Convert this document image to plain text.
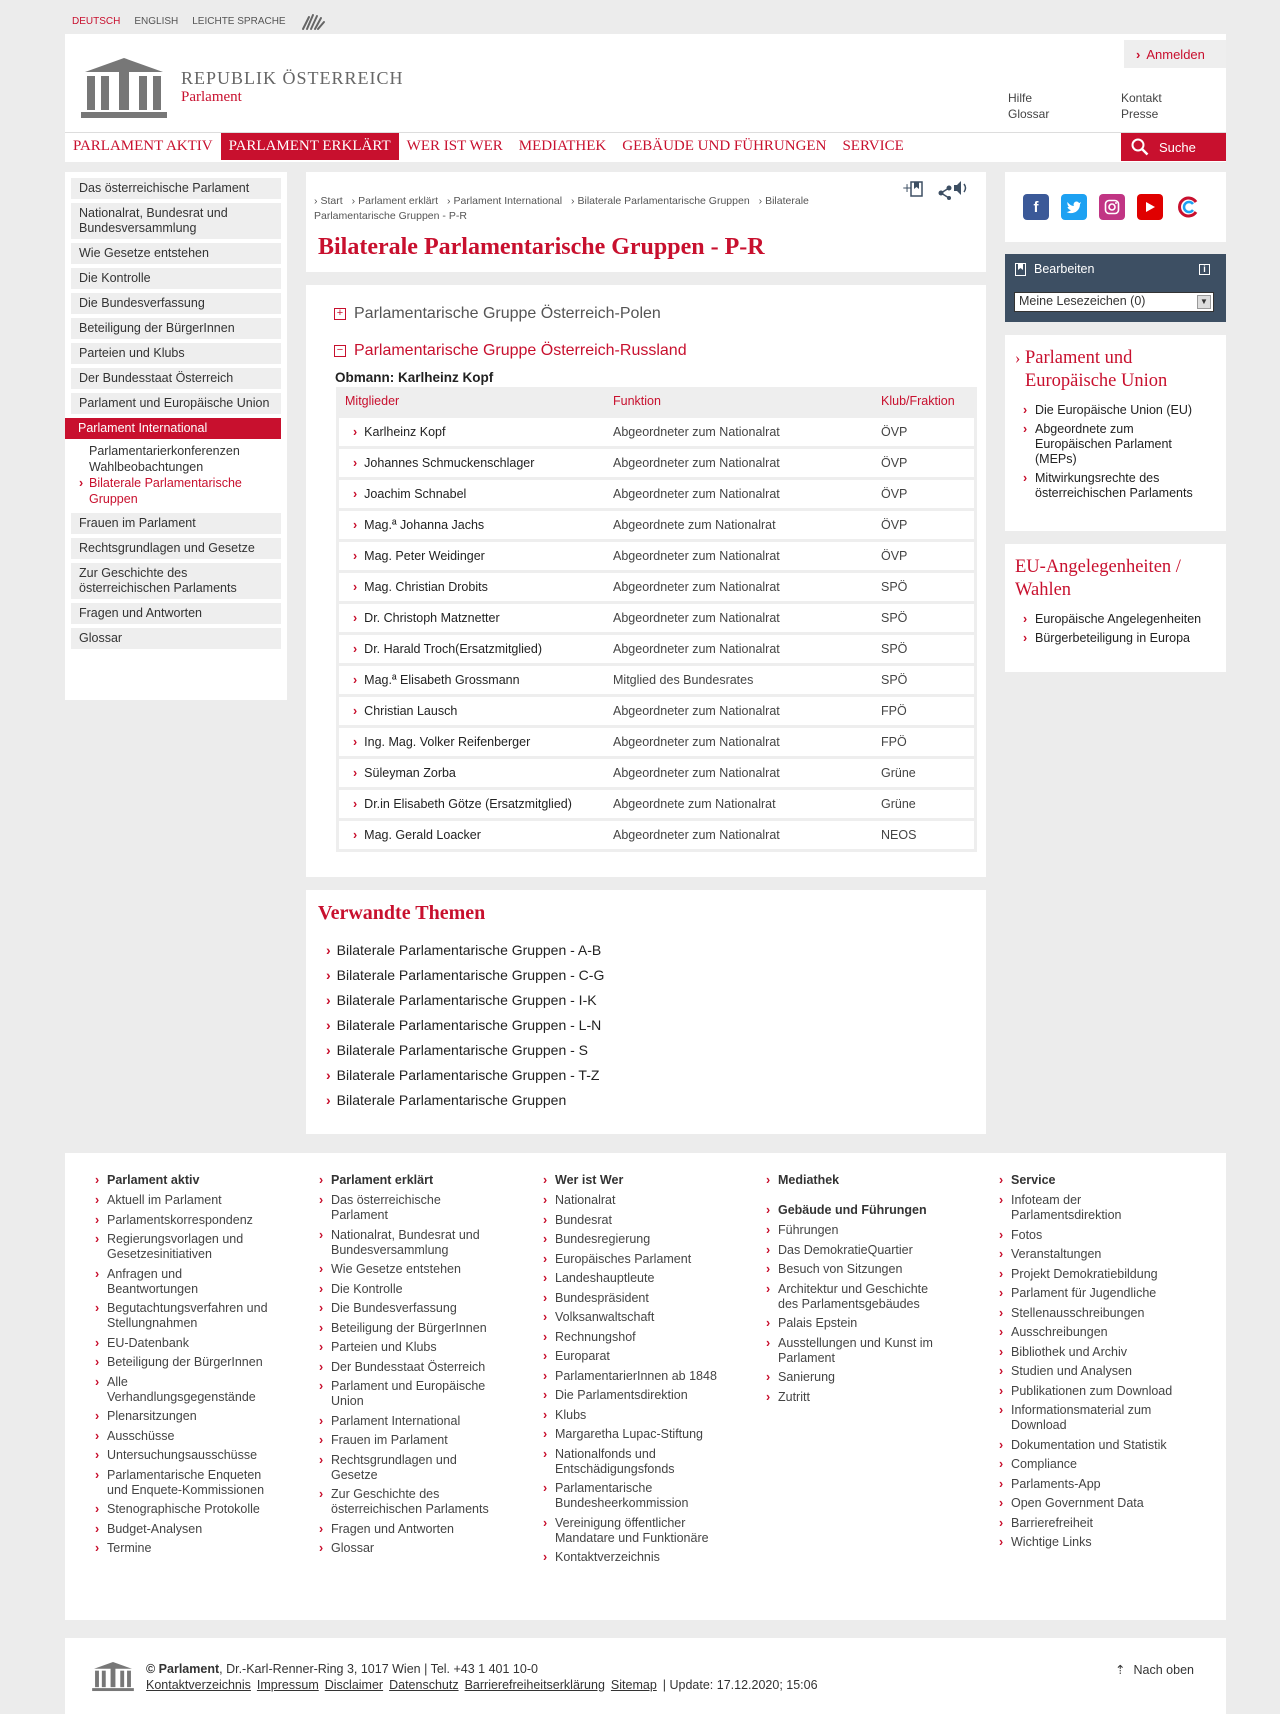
DEUTSCH ENGLISH LEICHTE SPRACHE
REPUBLIK ÖSTERREICH
Parlament
› Anmelden
Hilfe	Kontakt
Glossar	Presse
PARLAMENT AKTIV	PARLAMENT ERKLÄRT	WER IST WER	MEDIATHEK	GEBÄUDE UND FÜHRUNGEN	SERVICE	Suche
Das österreichische Parlament
Nationalrat, Bundesrat und Bundesversammlung
Wie Gesetze entstehen
Die Kontrolle
Die Bundesverfassung
Beteiligung der BürgerInnen
Parteien und Klubs
Der Bundesstaat Österreich
Parlament und Europäische Union
Parlament International
Parlamentarierkonferenzen
Wahlbeobachtungen
› Bilaterale Parlamentarische Gruppen
Frauen im Parlament
Rechtsgrundlagen und Gesetze
Zur Geschichte des österreichischen Parlaments
Fragen und Antworten
Glossar
› Start › Parlament erklärt › Parlament International › Bilaterale Parlamentarische Gruppen › Bilaterale Parlamentarische Gruppen - P-R
+
Bilaterale Parlamentarische Gruppen - P-R
+ Parlamentarische Gruppe Österreich-Polen
− Parlamentarische Gruppe Österreich-Russland
Obmann: Karlheinz Kopf
Mitglieder	Funktion	Klub/Fraktion
› Karlheinz Kopf	Abgeordneter zum Nationalrat	ÖVP
› Johannes Schmuckenschlager	Abgeordneter zum Nationalrat	ÖVP
› Joachim Schnabel	Abgeordneter zum Nationalrat	ÖVP
› Mag.ª Johanna Jachs	Abgeordnete zum Nationalrat	ÖVP
› Mag. Peter Weidinger	Abgeordneter zum Nationalrat	ÖVP
› Mag. Christian Drobits	Abgeordneter zum Nationalrat	SPÖ
› Dr. Christoph Matznetter	Abgeordneter zum Nationalrat	SPÖ
› Dr. Harald Troch(Ersatzmitglied)	Abgeordneter zum Nationalrat	SPÖ
› Mag.ª Elisabeth Grossmann	Mitglied des Bundesrates	SPÖ
› Christian Lausch	Abgeordneter zum Nationalrat	FPÖ
› Ing. Mag. Volker Reifenberger	Abgeordneter zum Nationalrat	FPÖ
› Süleyman Zorba	Abgeordneter zum Nationalrat	Grüne
› Dr.in Elisabeth Götze (Ersatzmitglied)	Abgeordnete zum Nationalrat	Grüne
› Mag. Gerald Loacker	Abgeordneter zum Nationalrat	NEOS
Verwandte Themen
› Bilaterale Parlamentarische Gruppen - A-B
› Bilaterale Parlamentarische Gruppen - C-G
› Bilaterale Parlamentarische Gruppen - I-K
› Bilaterale Parlamentarische Gruppen - L-N
› Bilaterale Parlamentarische Gruppen - S
› Bilaterale Parlamentarische Gruppen - T-Z
› Bilaterale Parlamentarische Gruppen
f
Bearbeiten	i
Meine Lesezeichen (0)	▼
› Parlament und Europäische Union
› Die Europäische Union (EU)
› Abgeordnete zum Europäischen Parlament (MEPs)
› Mitwirkungsrechte des österreichischen Parlaments
EU-Angelegenheiten / Wahlen
› Europäische Angelegenheiten
› Bürgerbeteiligung in Europa
› Parlament aktiv
› Aktuell im Parlament
› Parlamentskorrespondenz
› Regierungsvorlagen und Gesetzesinitiativen
› Anfragen und Beantwortungen
› Begutachtungsverfahren und Stellungnahmen
› EU-Datenbank
› Beteiligung der BürgerInnen
› Alle Verhandlungsgegenstände
› Plenarsitzungen
› Ausschüsse
› Untersuchungsausschüsse
› Parlamentarische Enqueten und Enquete-Kommissionen
› Stenographische Protokolle
› Budget-Analysen
› Termine
› Parlament erklärt
› Das österreichische Parlament
› Nationalrat, Bundesrat und Bundesversammlung
› Wie Gesetze entstehen
› Die Kontrolle
› Die Bundesverfassung
› Beteiligung der BürgerInnen
› Parteien und Klubs
› Der Bundesstaat Österreich
› Parlament und Europäische Union
› Parlament International
› Frauen im Parlament
› Rechtsgrundlagen und Gesetze
› Zur Geschichte des österreichischen Parlaments
› Fragen und Antworten
› Glossar
› Wer ist Wer
› Nationalrat
› Bundesrat
› Bundesregierung
› Europäisches Parlament
› Landeshauptleute
› Bundespräsident
› Volksanwaltschaft
› Rechnungshof
› Europarat
› ParlamentarierInnen ab 1848
› Die Parlamentsdirektion
› Klubs
› Margaretha Lupac-Stiftung
› Nationalfonds und Entschädigungsfonds
› Parlamentarische Bundesheerkommission
› Vereinigung öffentlicher Mandatare und Funktionäre
› Kontaktverzeichnis
› Mediathek
› Gebäude und Führungen
› Führungen
› Das DemokratieQuartier
› Besuch von Sitzungen
› Architektur und Geschichte des Parlamentsgebäudes
› Palais Epstein
› Ausstellungen und Kunst im Parlament
› Sanierung
› Zutritt
› Service
› Infoteam der Parlamentsdirektion
› Fotos
› Veranstaltungen
› Projekt Demokratiebildung
› Parlament für Jugendliche
› Stellenausschreibungen
› Ausschreibungen
› Bibliothek und Archiv
› Studien und Analysen
› Publikationen zum Download
› Informationsmaterial zum Download
› Dokumentation und Statistik
› Compliance
› Parlaments-App
› Open Government Data
› Barrierefreiheit
› Wichtige Links
© Parlament, Dr.-Karl-Renner-Ring 3, 1017 Wien | Tel. +43 1 401 10-0
Kontaktverzeichnis Impressum Disclaimer Datenschutz Barrierefreiheitserklärung Sitemap | Update: 17.12.2020; 15:06
⇡ Nach oben
